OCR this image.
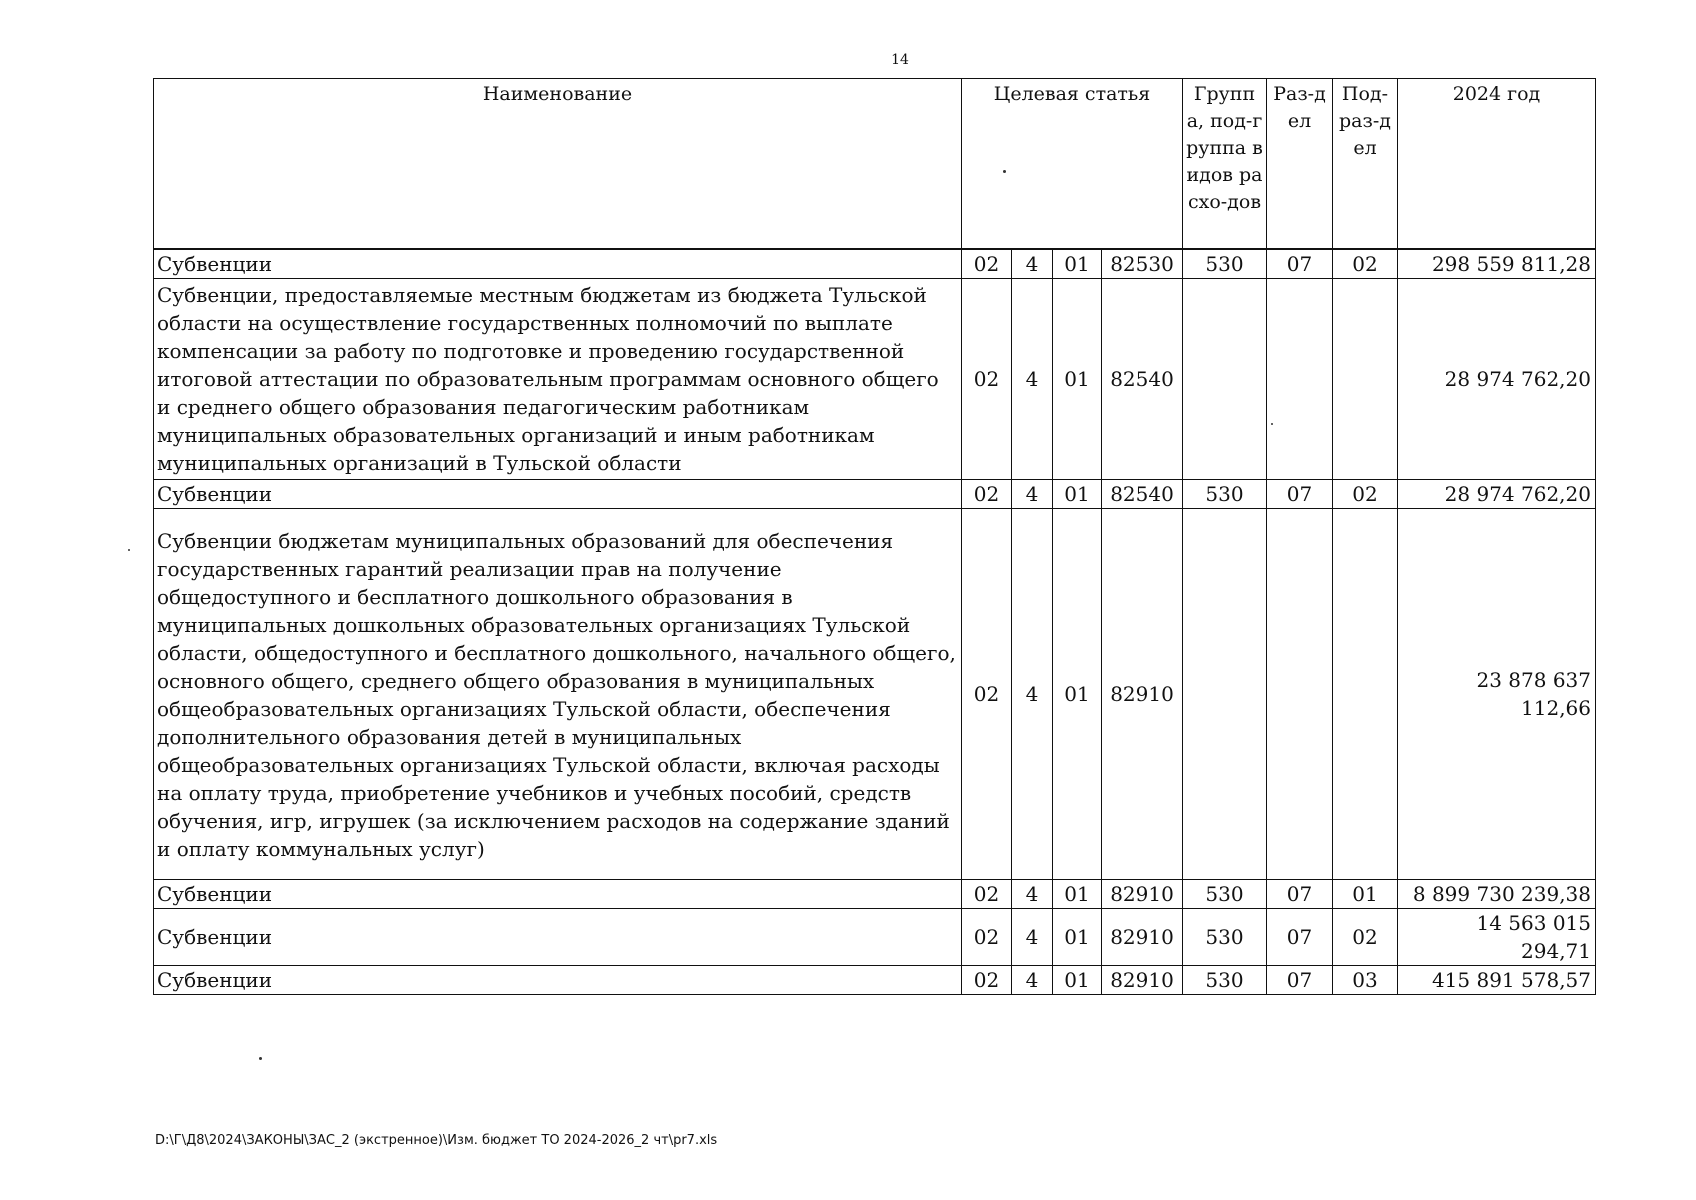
14
Наименование	Целевая статья				Группа, под-группа видов расхо-дов	Раз-дел	Под-раз-дел	2024 год
Субвенции	02	4	01	82530	530	07	02	298 559 811,28
Субвенции, предоставляемые местным бюджетам из бюджета Тульской области на осуществление государственных полномочий по выплате компенсации за работу по подготовке и проведению государственной итоговой аттестации по образовательным программам основного общего и среднего общего образования педагогическим работникам муниципальных образовательных организаций и иным работникам муниципальных организаций в Тульской области	02	4	01	82540				28 974 762,20
Субвенции	02	4	01	82540	530	07	02	28 974 762,20
Субвенции бюджетам муниципальных образований для обеспечения государственных гарантий реализации прав на получение общедоступного и бесплатного дошкольного образования в муниципальных дошкольных образовательных организациях Тульской области, общедоступного и бесплатного дошкольного, начального общего, основного общего, среднего общего образования в муниципальных общеобразовательных организациях Тульской области, обеспечения дополнительного образования детей в муниципальных общеобразовательных организациях Тульской области, включая расходы на оплату труда, приобретение учебников и учебных пособий, средств обучения, игр, игрушек (за исключением расходов на содержание зданий и оплату коммунальных услуг)	02	4	01	82910				23 878 637 112,66
Субвенции	02	4	01	82910	530	07	01	8 899 730 239,38
Субвенции	02	4	01	82910	530	07	02	14 563 015 294,71
Субвенции	02	4	01	82910	530	07	03	415 891 578,57
D:\Г\Д8\2024\ЗАКОНЫ\ЗАС_2 (экстренное)\Изм. бюджет ТО 2024-2026_2 чт\pr7.xls
